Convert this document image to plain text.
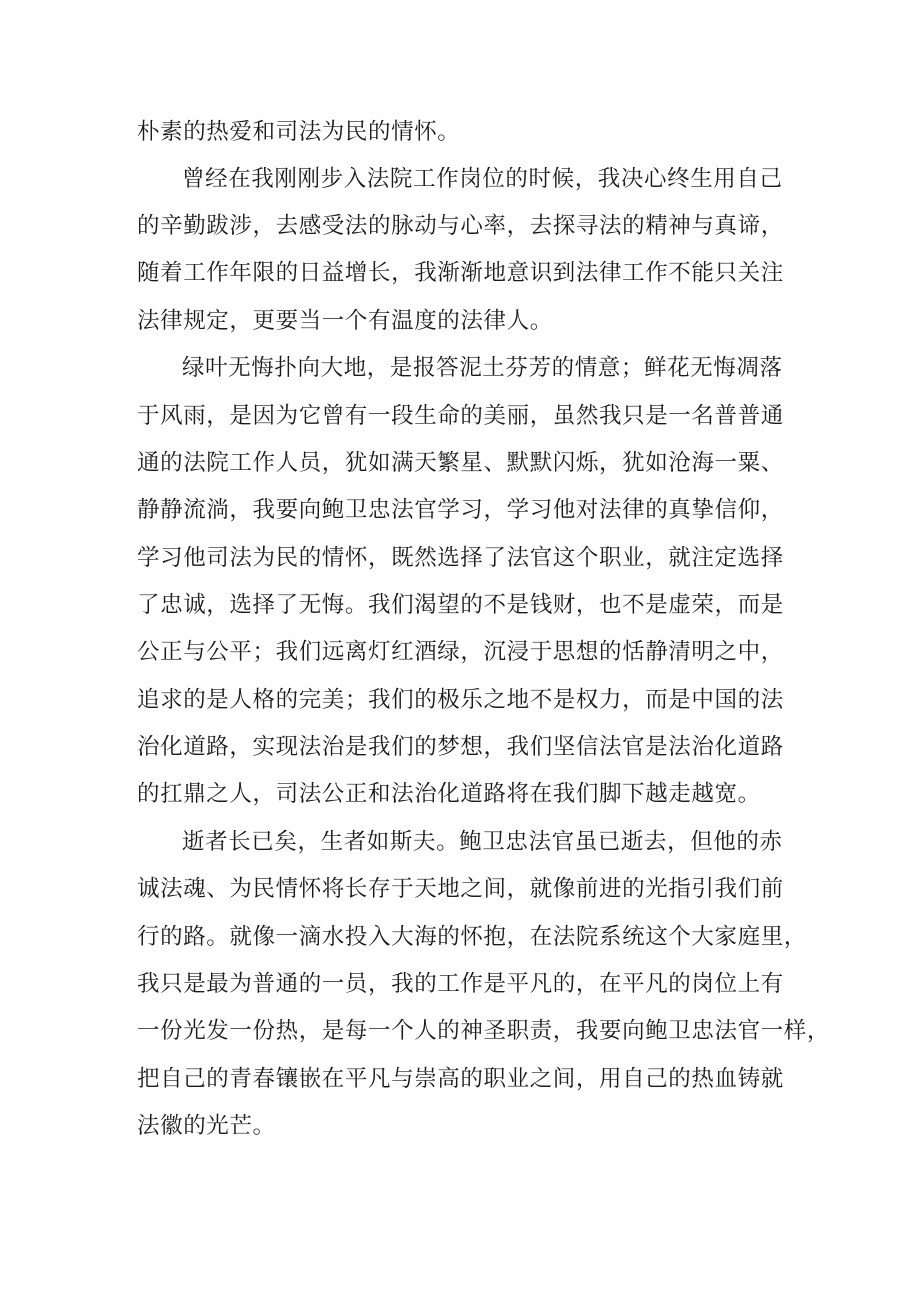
朴素的热爱和司法为民的情怀。
曾经在我刚刚步入法院工作岗位的时候，我决心终生用自己
的辛勤跋涉，去感受法的脉动与心率，去探寻法的精神与真谛，
随着工作年限的日益增长，我渐渐地意识到法律工作不能只关注
法律规定，更要当一个有温度的法律人。
绿叶无悔扑向大地，是报答泥土芬芳的情意；鲜花无悔凋落
于风雨，是因为它曾有一段生命的美丽，虽然我只是一名普普通
通的法院工作人员，犹如满天繁星、默默闪烁，犹如沧海一粟、
静静流淌，我要向鲍卫忠法官学习，学习他对法律的真挚信仰，
学习他司法为民的情怀，既然选择了法官这个职业，就注定选择
了忠诚，选择了无悔。我们渴望的不是钱财，也不是虚荣，而是
公正与公平；我们远离灯红酒绿，沉浸于思想的恬静清明之中，
追求的是人格的完美；我们的极乐之地不是权力，而是中国的法
治化道路，实现法治是我们的梦想，我们坚信法官是法治化道路
的扛鼎之人，司法公正和法治化道路将在我们脚下越走越宽。
逝者长已矣，生者如斯夫。鲍卫忠法官虽已逝去，但他的赤
诚法魂、为民情怀将长存于天地之间，就像前进的光指引我们前
行的路。就像一滴水投入大海的怀抱，在法院系统这个大家庭里，
我只是最为普通的一员，我的工作是平凡的，在平凡的岗位上有
一份光发一份热，是每一个人的神圣职责，我要向鲍卫忠法官一样，
把自己的青春镶嵌在平凡与崇高的职业之间，用自己的热血铸就
法徽的光芒。
